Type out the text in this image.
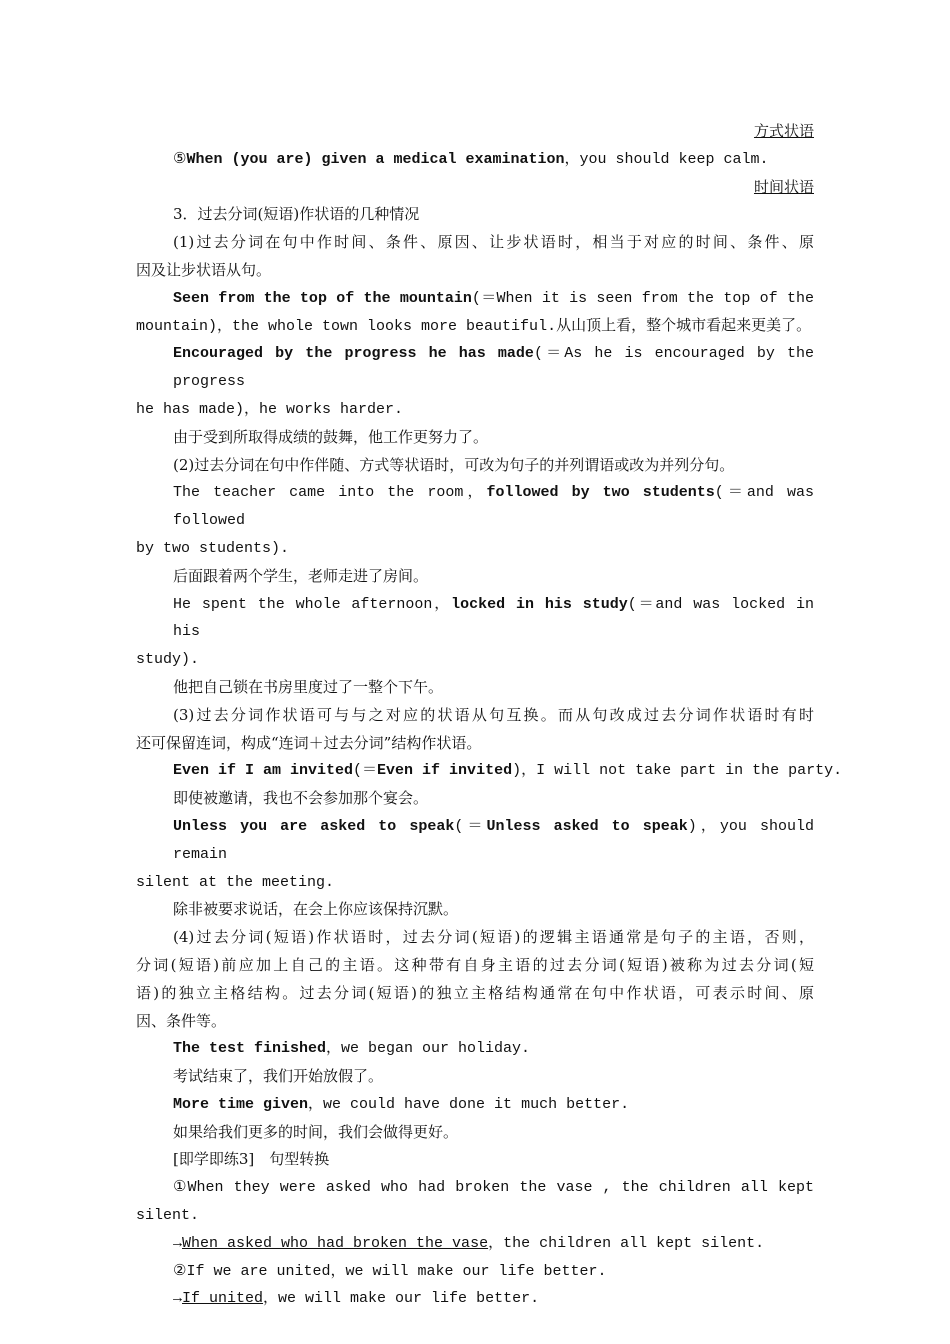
方式状语
⑤When (you are) given a medical examination，you should keep calm.
时间状语
3．过去分词(短语)作状语的几种情况
(1)过去分词在句中作时间、条件、原因、让步状语时，相当于对应的时间、条件、原
因及让步状语从句。
Seen from the top of the mountain(＝When it is seen from the top of the
mountain)，the whole town looks more beautiful.从山顶上看，整个城市看起来更美了。
Encouraged by the progress he has made(＝As he is encouraged by the progress
he has made)，he works harder.
由于受到所取得成绩的鼓舞，他工作更努力了。
(2)过去分词在句中作伴随、方式等状语时，可改为句子的并列谓语或改为并列分句。
The teacher came into the room，followed by two students(＝and was followed
by two students).
后面跟着两个学生，老师走进了房间。
He spent the whole afternoon，locked in his study(＝and was locked in his
study).
他把自己锁在书房里度过了一整个下午。
(3)过去分词作状语可与与之对应的状语从句互换。而从句改成过去分词作状语时有时
还可保留连词，构成“连词＋过去分词”结构作状语。
Even if I am invited(＝Even if invited)，I will not take part in the party.
即使被邀请，我也不会参加那个宴会。
Unless you are asked to speak(＝Unless asked to speak)，you should remain
silent at the meeting.
除非被要求说话，在会上你应该保持沉默。
(4)过去分词(短语)作状语时，过去分词(短语)的逻辑主语通常是句子的主语，否则，
分词(短语)前应加上自己的主语。这种带有自身主语的过去分词(短语)被称为过去分词(短
语)的独立主格结构。过去分词(短语)的独立主格结构通常在句中作状语，可表示时间、原
因、条件等。
The test finished，we began our holiday.
考试结束了，我们开始放假了。
More time given，we could have done it much better.
如果给我们更多的时间，我们会做得更好。
[即学即练3]　句型转换
①When they were asked who had broken the vase , the children all kept
silent.
→When asked who had broken the vase，the children all kept silent.
②If we are united，we will make our life better.
→If united，we will make our life better.
